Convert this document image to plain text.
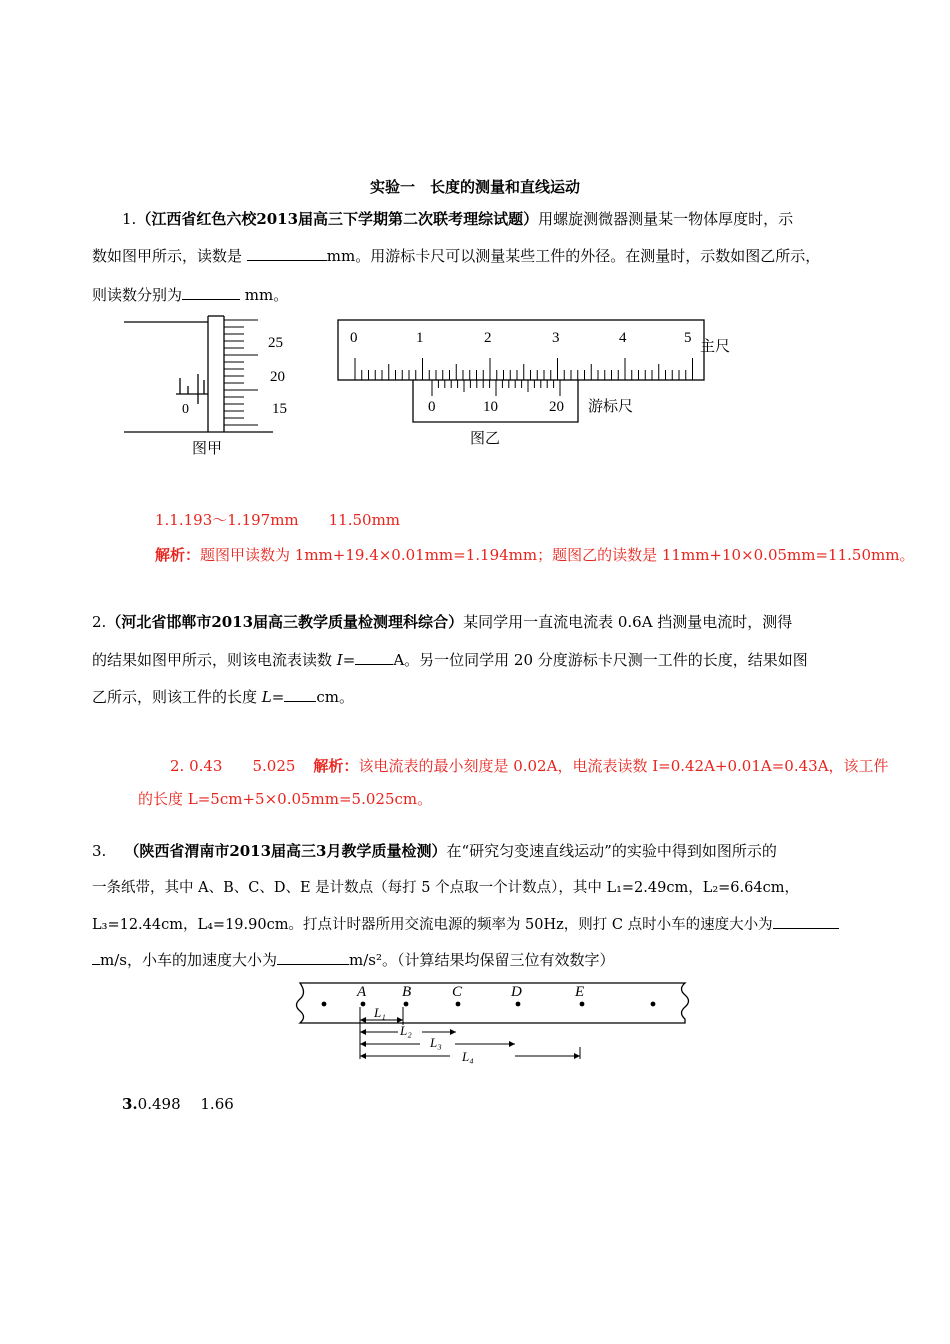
实验一　长度的测量和直线运动
1.（江西省红色六校2013届高三下学期第二次联考理综试题）用螺旋测微器测量某一物体厚度时，示
数如图甲所示，读数是	mm。用游标卡尺可以测量某些工件的外径。在测量时，示数如图乙所示，
则读数分别为	mm。
25
20
15
0
图甲
0	1	2	3	4	5
主尺
0	10	20 游标尺
图乙
1.1.193～1.197mm　　11.50mm
解析：题图甲读数为 1mm+19.4×0.01mm=1.194mm；题图乙的读数是 11mm+10×0.05mm=11.50mm。
2.（河北省邯郸市2013届高三教学质量检测理科综合）某同学用一直流电流表 0.6A 挡测量电流时，测得
的结果如图甲所示，则该电流表读数 I=	A。另一位同学用 20 分度游标卡尺测一工件的长度，结果如图
乙所示，则该工件的长度 L= cm。
2. 0.43　　5.025 解析：该电流表的最小刻度是 0.02A，电流表读数 I=0.42A+0.01A=0.43A，该工件
的长度 L=5cm+5×0.05mm=5.025cm。
3. （陕西省渭南市2013届高三3月教学质量检测）在“研究匀变速直线运动”的实验中得到如图所示的
一条纸带，其中 A、B、C、D、E 是计数点（每打 5 个点取一个计数点），其中 L₁=2.49cm，L₂=6.64cm，
L₃=12.44cm，L₄=19.90cm。打点计时器所用交流电源的频率为 50Hz，则打 C 点时小车的速度大小为
m/s，小车的加速度大小为	m/s²。（计算结果均保留三位有效数字）
A B	C	D	E
L₁
L₂
L₃
L₄
3.0.498　 1.66
